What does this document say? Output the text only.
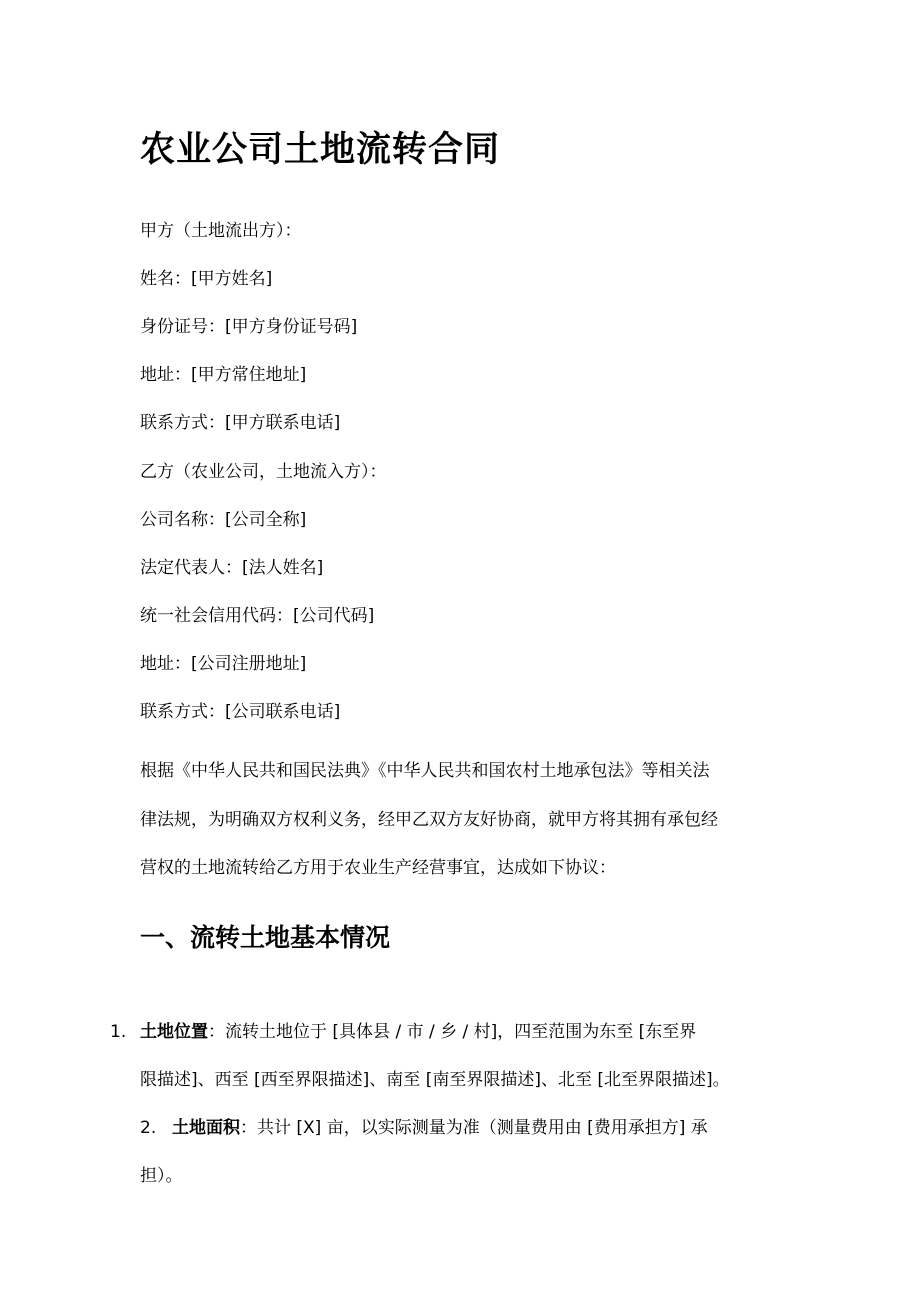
农业公司土地流转合同
甲方（土地流出方）：
姓名：[甲方姓名]
身份证号：[甲方身份证号码]
地址：[甲方常住地址]
联系方式：[甲方联系电话]
乙方（农业公司，土地流入方）：
公司名称：[公司全称]
法定代表人：[法人姓名]
统一社会信用代码：[公司代码]
地址：[公司注册地址]
联系方式：[公司联系电话]
根据《中华人民共和国民法典》《中华人民共和国农村土地承包法》等相关法
律法规，为明确双方权利义务，经甲乙双方友好协商，就甲方将其拥有承包经
营权的土地流转给乙方用于农业生产经营事宜，达成如下协议：
一、流转土地基本情况
1. 土地位置：流转土地位于 [具体县 / 市 / 乡 / 村]，四至范围为东至 [东至界
限描述]、西至 [西至界限描述]、南至 [南至界限描述]、北至 [北至界限描述]。
2. 土地面积：共计 [X] 亩，以实际测量为准（测量费用由 [费用承担方] 承
担）。
